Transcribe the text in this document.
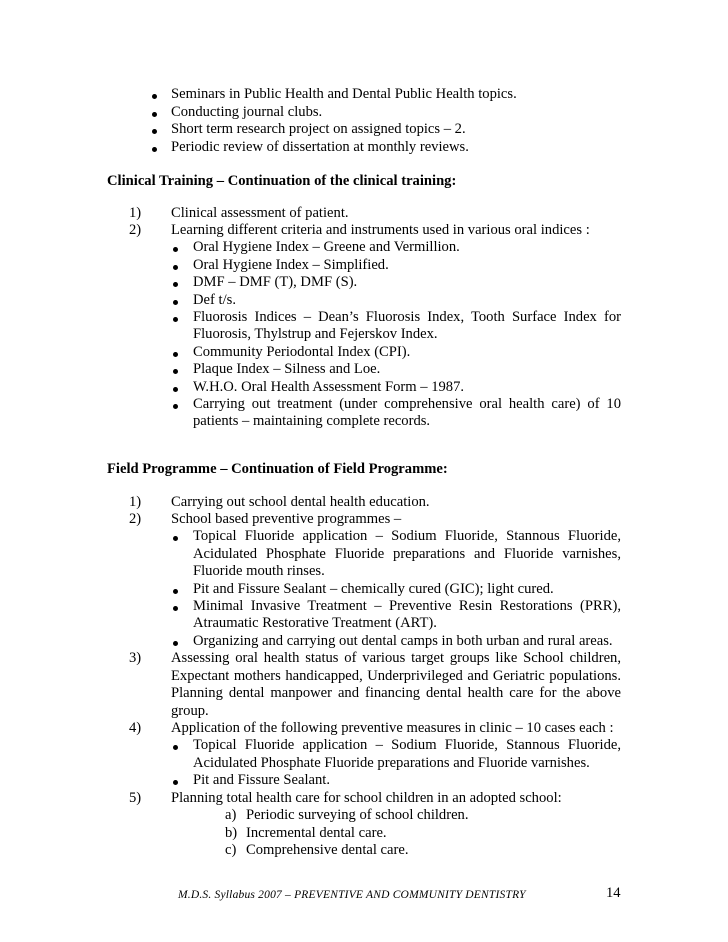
Seminars in Public Health and Dental Public Health topics.
Conducting journal clubs.
Short term research project on assigned topics – 2.
Periodic review of dissertation at monthly reviews.
Clinical Training – Continuation of the clinical training:
1) Clinical assessment of patient.
2) Learning different criteria and instruments used in various oral indices :
Oral Hygiene Index – Greene and Vermillion.
Oral Hygiene Index – Simplified.
DMF – DMF (T), DMF (S).
Def t/s.
Fluorosis Indices – Dean’s Fluorosis Index, Tooth Surface Index for
Fluorosis, Thylstrup and Fejerskov Index.
Community Periodontal Index (CPI).
Plaque Index – Silness and Loe.
W.H.O. Oral Health Assessment Form – 1987.
Carrying out treatment (under comprehensive oral health care) of 10
patients – maintaining complete records.
Field Programme – Continuation of Field Programme:
1) Carrying out school dental health education.
2) School based preventive programmes –
Topical Fluoride application – Sodium Fluoride, Stannous Fluoride,
Acidulated Phosphate Fluoride preparations and Fluoride varnishes,
Fluoride mouth rinses.
Pit and Fissure Sealant – chemically cured (GIC); light cured.
Minimal Invasive Treatment – Preventive Resin Restorations (PRR),
Atraumatic Restorative Treatment (ART).
Organizing and carrying out dental camps in both urban and rural areas.
3) Assessing oral health status of various target groups like School children,
Expectant mothers handicapped, Underprivileged and Geriatric populations.
Planning dental manpower and financing dental health care for the above
group.
4) Application of the following preventive measures in clinic – 10 cases each :
Topical Fluoride application – Sodium Fluoride, Stannous Fluoride,
Acidulated Phosphate Fluoride preparations and Fluoride varnishes.
Pit and Fissure Sealant.
5) Planning total health care for school children in an adopted school:
a) Periodic surveying of school children.
b) Incremental dental care.
c) Comprehensive dental care.
M.D.S. Syllabus 2007 – PREVENTIVE AND COMMUNITY DENTISTRY	14
